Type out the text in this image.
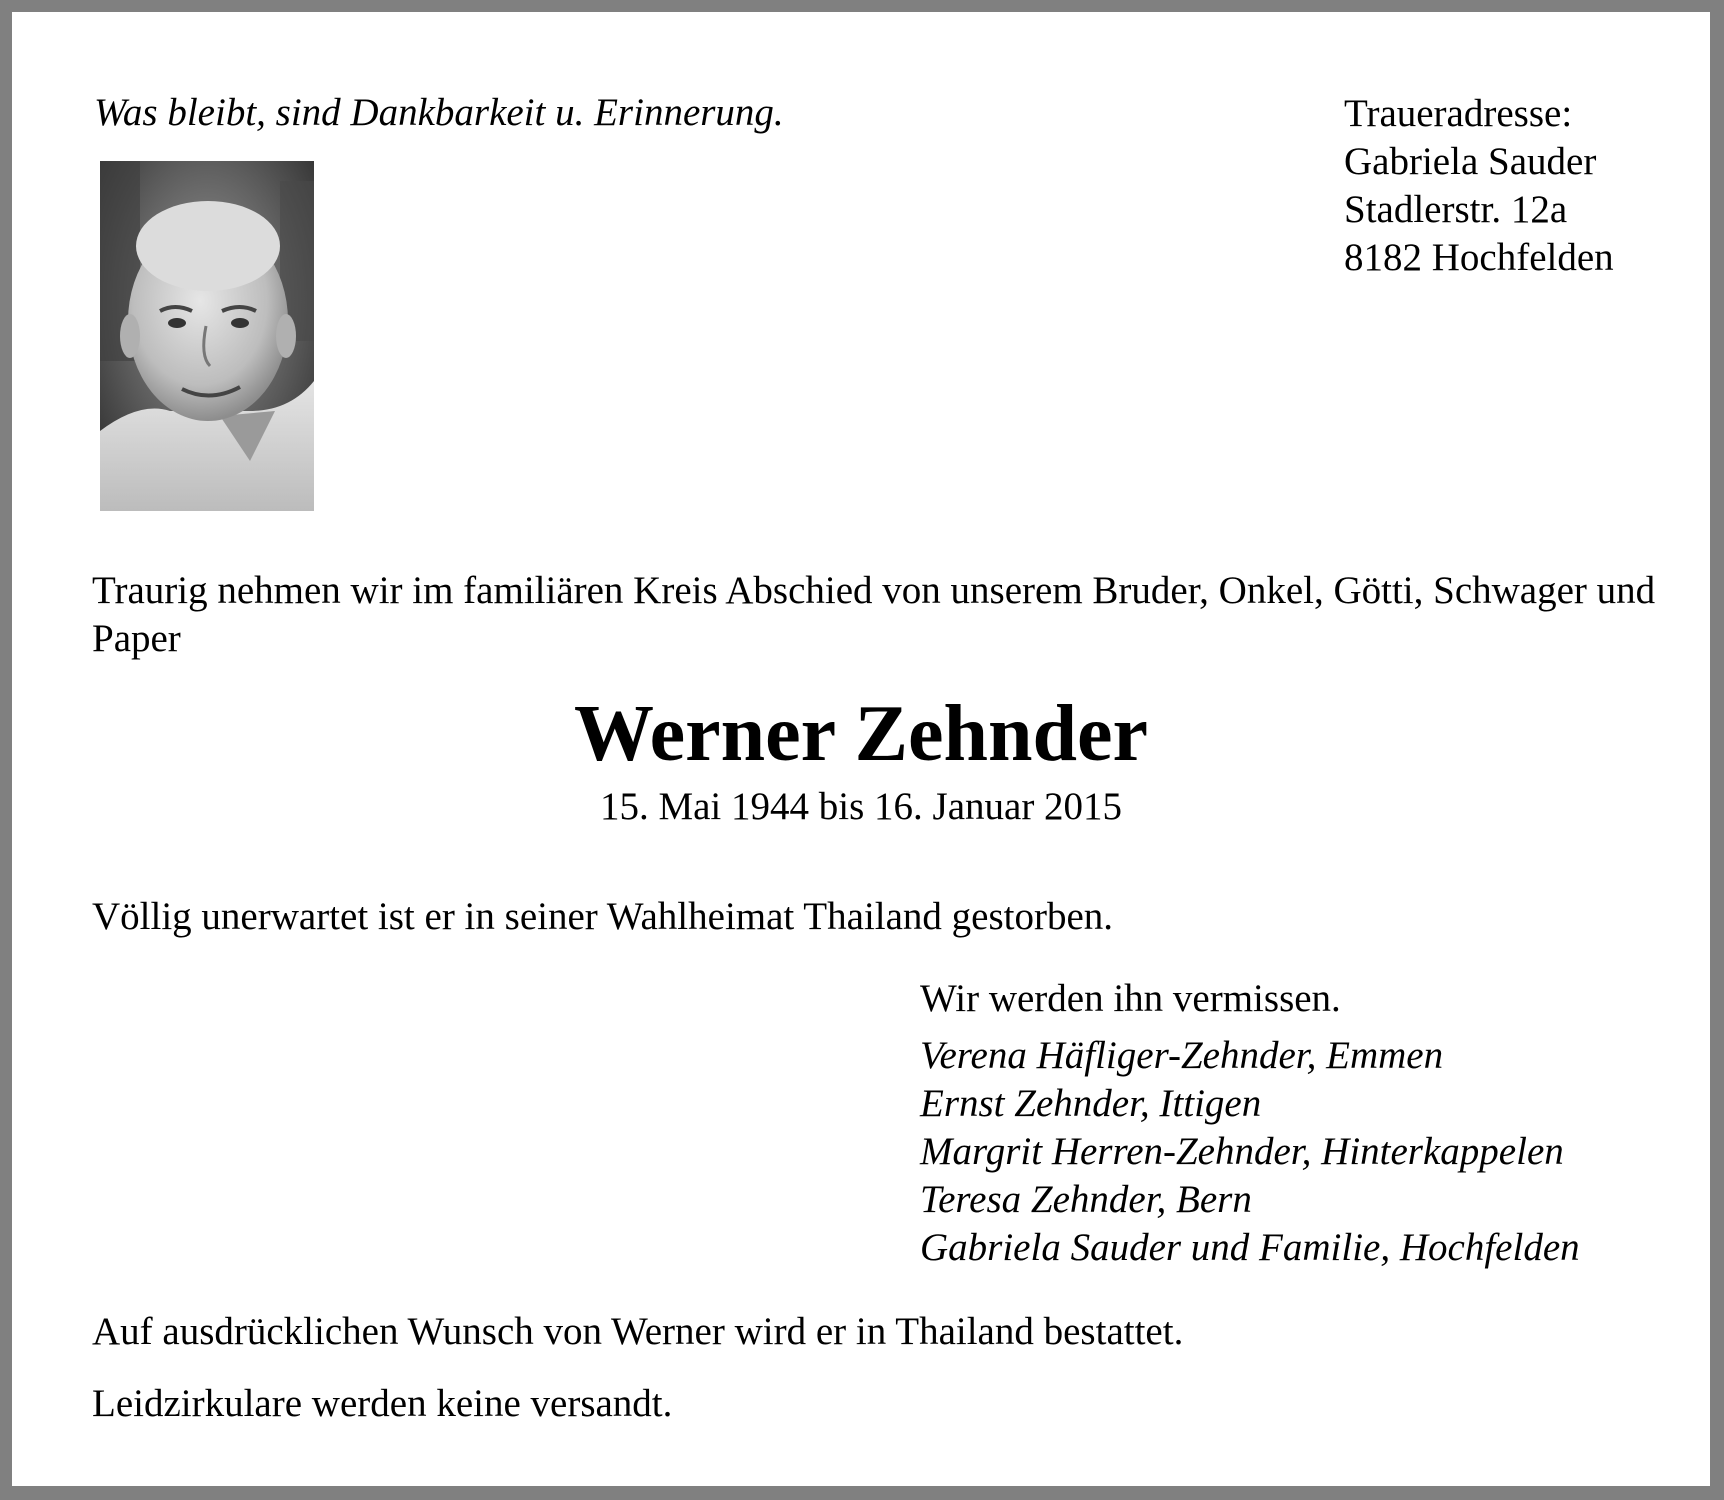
Was bleibt, sind Dankbarkeit u. Erinnerung.	Traueradresse:
Gabriela Sauder
Stadlerstr. 12a
8182 Hochfelden

Traurig nehmen wir im familiären Kreis Abschied von unserem Bruder, Onkel, Götti, Schwager und Paper

Werner Zehnder

15. Mai 1944 bis 16. Januar 2015

Völlig unerwartet ist er in seiner Wahlheimat Thailand gestorben.

Wir werden ihn vermissen.

Verena Häfliger-Zehnder, Emmen
Ernst Zehnder, Ittigen
Margrit Herren-Zehnder, Hinterkappelen
Teresa Zehnder, Bern
Gabriela Sauder und Familie, Hochfelden

Auf ausdrücklichen Wunsch von Werner wird er in Thailand bestattet.

Leidzirkulare werden keine versandt.
